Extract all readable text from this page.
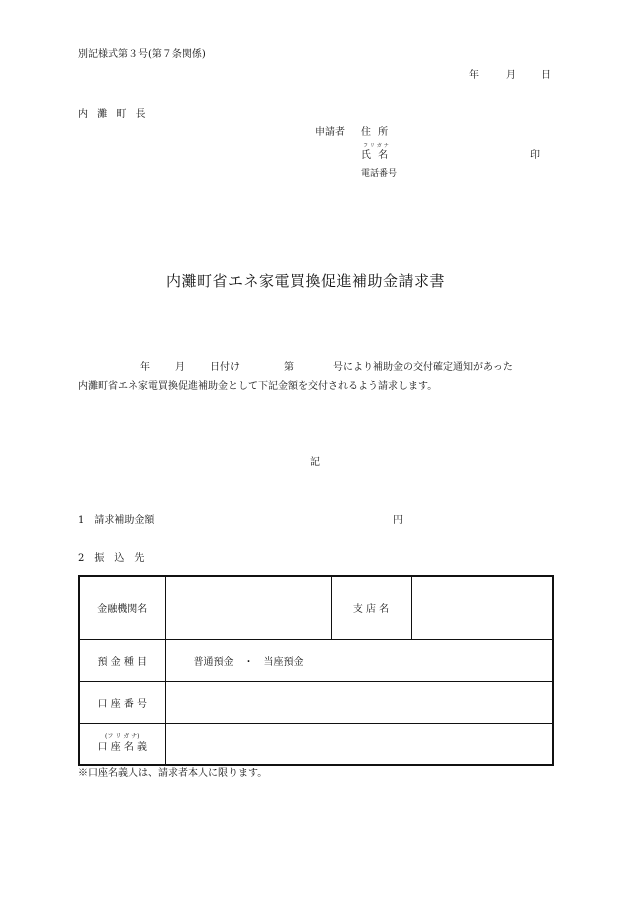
別記様式第３号(第７条関係)
年	月	日
内 灘 町 長
申請者 住 所
フリガナ
氏 名	印
電話番号
内灘町省エネ家電買換促進補助金請求書
年	月	日付け	第	号により補助金の交付確定通知があった
内灘町省エネ家電買換促進補助金として下記金額を交付されるよう請求します。
記
1　請求補助金額	円
2　振　込　先
金融機関名		支 店 名	
預 金 種 目	普通預金　・　当座預金		
口 座 番 号			

(フ リ ガ ナ)
口 座 名 義			

※口座名義人は、請求者本人に限ります。
